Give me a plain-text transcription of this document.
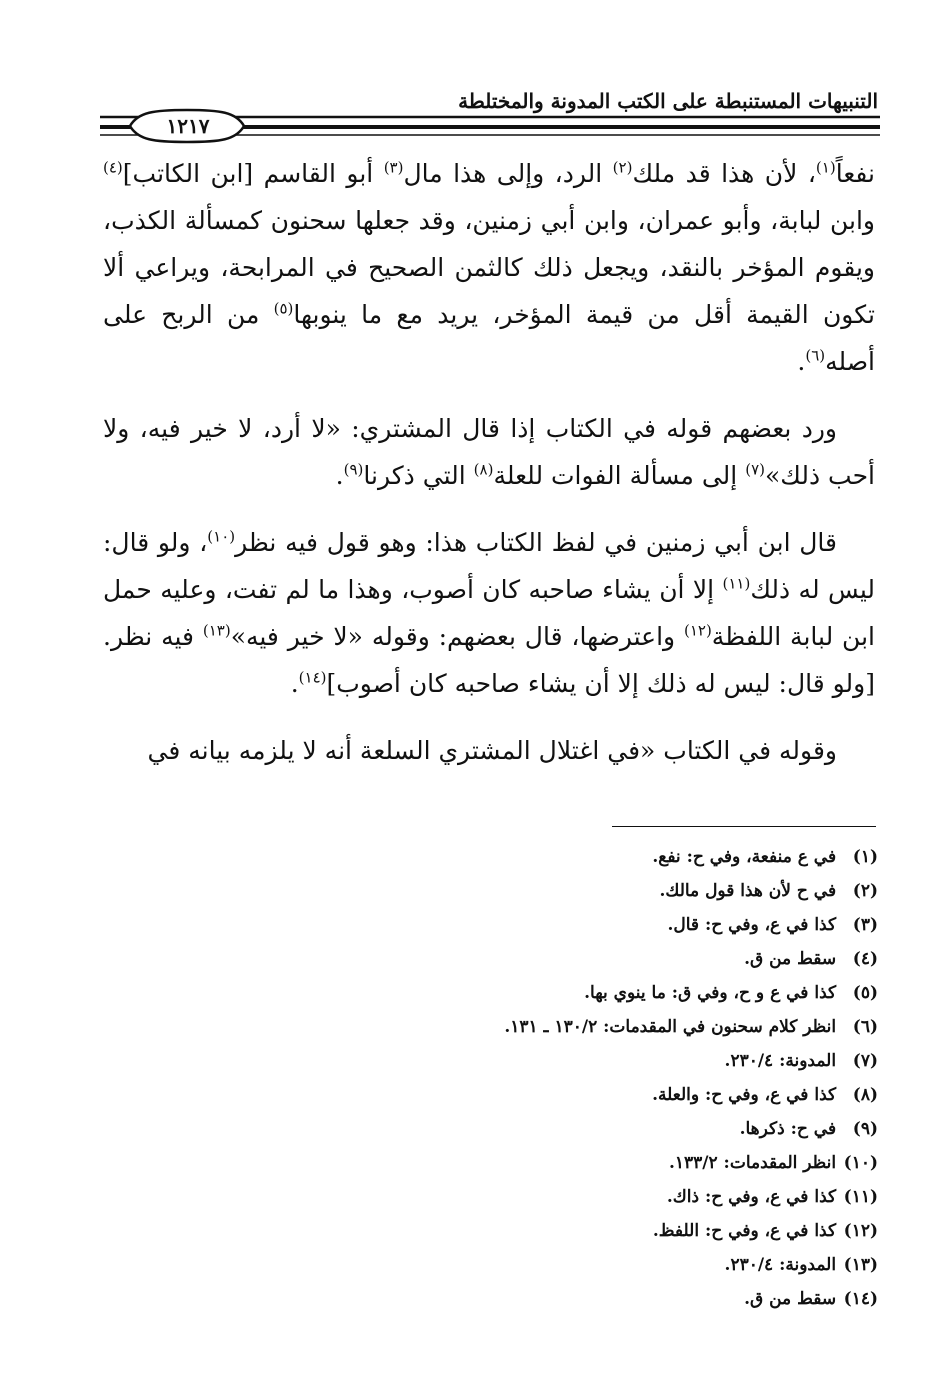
التنبيهات المستنبطة على الكتب المدونة والمختلطة
١٢١٧

نفعاً$^{(١)}$، لأن هذا قد ملك$^{(٢)}$ الرد، وإلى هذا مال$^{(٣)}$ أبو القاسم [ابن الكاتب]$^{(٤)}$ وابن لبابة، وأبو عمران، وابن أبي زمنين، وقد جعلها سحنون كمسألة الكذب، ويقوم المؤخر بالنقد، ويجعل ذلك كالثمن الصحيح في المرابحة، ويراعي ألا تكون القيمة أقل من قيمة المؤخر، يريد مع ما ينوبها$^{(٥)}$ من الربح على أصله$^{(٦)}$.

ورد بعضهم قوله في الكتاب إذا قال المشتري: «لا أرد، لا خير فيه، ولا أحب ذلك»$^{(٧)}$ إلى مسألة الفوات للعلة$^{(٨)}$ التي ذكرنا$^{(٩)}$.

قال ابن أبي زمنين في لفظ الكتاب هذا: وهو قول فيه نظر$^{(١٠)}$، ولو قال: ليس له ذلك$^{(١١)}$ إلا أن يشاء صاحبه كان أصوب، وهذا ما لم تفت، وعليه حمل ابن لبابة اللفظة$^{(١٢)}$ واعترضها، قال بعضهم: وقوله «لا خير فيه»$^{(١٣)}$ فيه نظر. [ولو قال: ليس له ذلك إلا أن يشاء صاحبه كان أصوب]$^{(١٤)}$.

وقوله في الكتاب «في اغتلال المشتري السلعة أنه لا يلزمه بيانه في

(١) في ع منفعة، وفي ح: نفع.
(٢) في ح لأن هذا قول مالك.
(٣) كذا في ع، وفي ح: قال.
(٤) سقط من ق.
(٥) كذا في ع و ح، وفي ق: ما ينوي بها.
(٦) انظر كلام سحنون في المقدمات: ١٣٠/٢ ـ ١٣١.
(٧) المدونة: ٢٣٠/٤.
(٨) كذا في ع، وفي ح: والعلة.
(٩) في ح: ذكرها.
(١٠) انظر المقدمات: ١٣٣/٢.
(١١) كذا في ع، وفي ح: ذاك.
(١٢) كذا في ع، وفي ح: اللفظ.
(١٣) المدونة: ٢٣٠/٤.
(١٤) سقط من ق.
